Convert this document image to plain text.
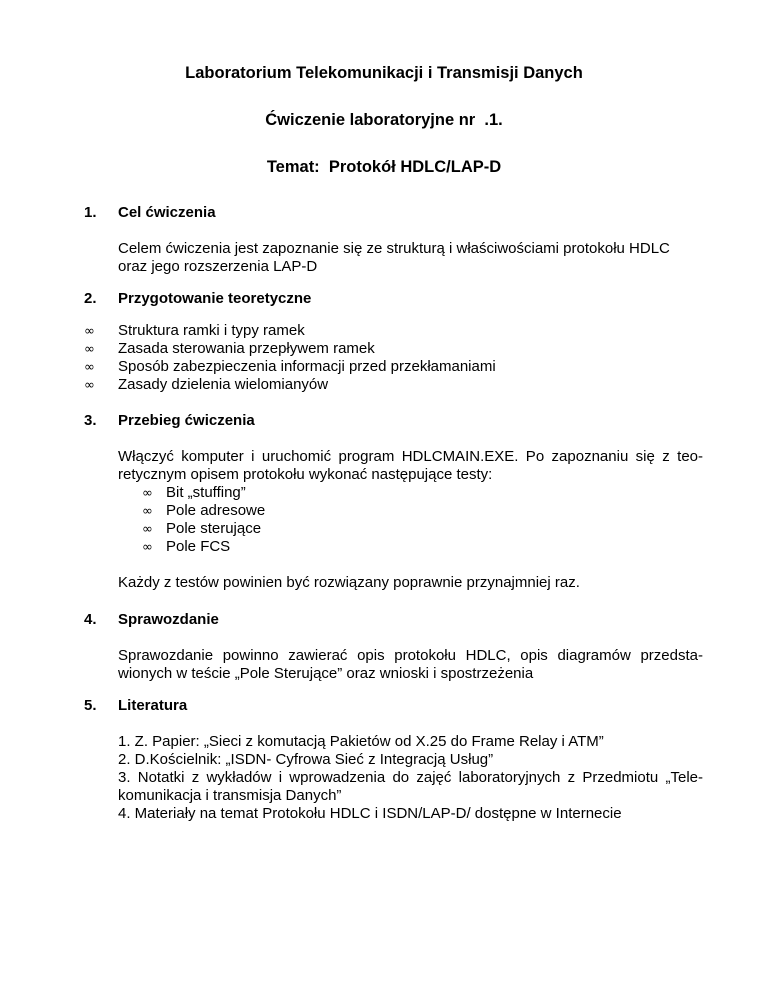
Laboratorium Telekomunikacji i Transmisji Danych
Ćwiczenie laboratoryjne nr  .1.
Temat:  Protokół HDLC/LAP-D
1. Cel ćwiczenia
Celem ćwiczenia jest zapoznanie się ze strukturą i właściwościami protokołu HDLC
oraz jego rozszerzenia LAP-D
2. Przygotowanie teoretyczne
∞ Struktura ramki i typy ramek
∞ Zasada sterowania przepływem ramek
∞ Sposób zabezpieczenia informacji przed przekłamaniami
∞ Zasady dzielenia wielomianyów
3. Przebieg ćwiczenia
Włączyć komputer i uruchomić program HDLCMAIN.EXE. Po zapoznaniu się z teo-
retycznym opisem protokołu wykonać następujące testy:
∞ Bit „stuffing”
∞ Pole adresowe
∞ Pole sterujące
∞ Pole FCS
Każdy z testów powinien być rozwiązany poprawnie przynajmniej raz.
4. Sprawozdanie
Sprawozdanie powinno zawierać opis protokołu HDLC, opis diagramów przedsta-
wionych w teście „Pole Sterujące” oraz wnioski i spostrzeżenia
5. Literatura
1. Z. Papier: „Sieci z komutacją Pakietów od X.25 do Frame Relay i ATM”
2. D.Kościelnik: „ISDN- Cyfrowa Sieć z Integracją Usług”
3. Notatki z wykładów i wprowadzenia do zajęć laboratoryjnych z Przedmiotu „Tele-
komunikacja i transmisja Danych”
4. Materiały na temat Protokołu HDLC i ISDN/LAP-D/ dostępne w Internecie
